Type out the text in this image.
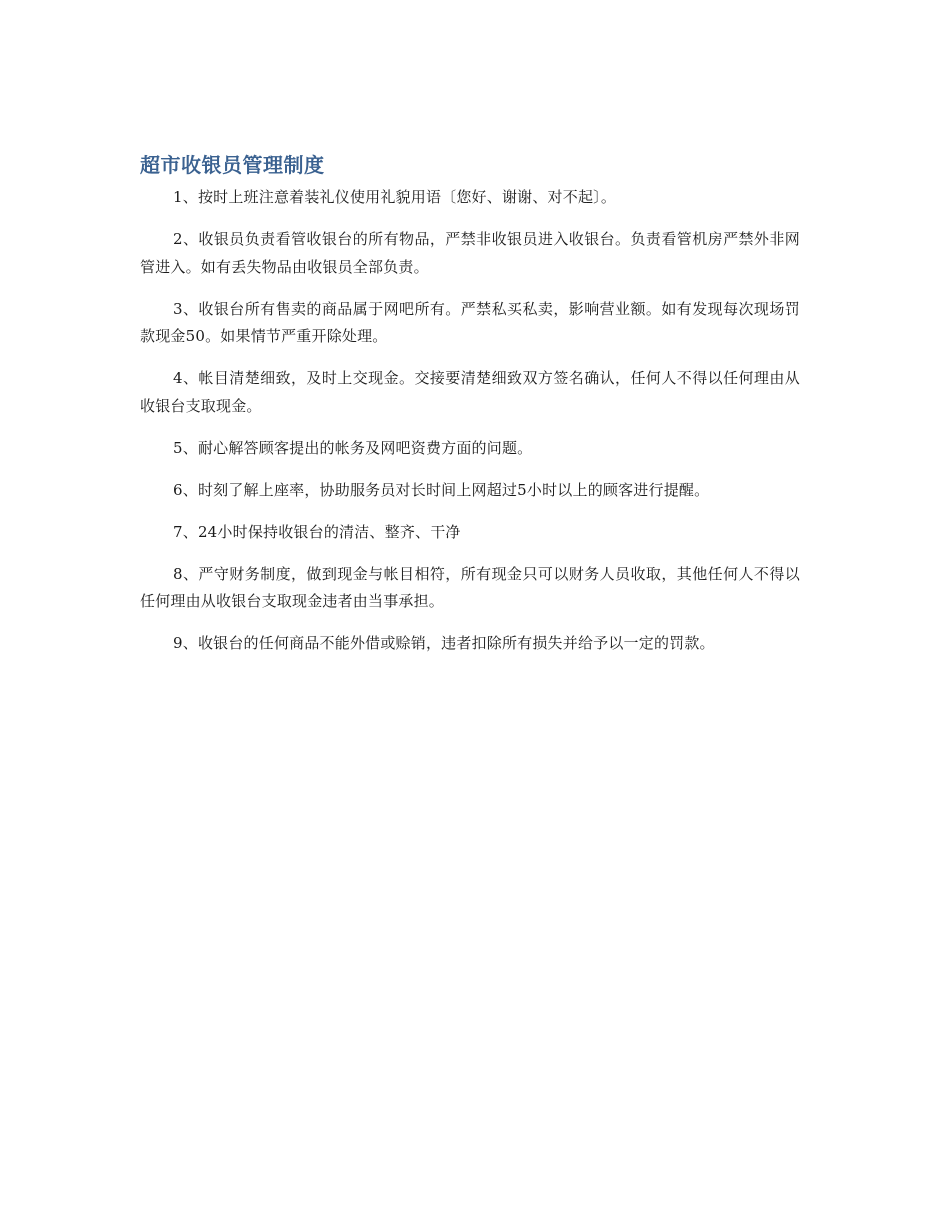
超市收银员管理制度
1、按时上班注意着装礼仪使用礼貌用语〔您好、谢谢、对不起〕。
2、收银员负责看管收银台的所有物品，严禁非收银员进入收银台。负责看管机房严禁外非网管进入。如有丢失物品由收银员全部负责。
3、收银台所有售卖的商品属于网吧所有。严禁私买私卖，影响营业额。如有发现每次现场罚款现金50。如果情节严重开除处理。
4、帐目清楚细致，及时上交现金。交接要清楚细致双方签名确认，任何人不得以任何理由从收银台支取现金。
5、耐心解答顾客提出的帐务及网吧资费方面的问题。
6、时刻了解上座率，协助服务员对长时间上网超过5小时以上的顾客进行提醒。
7、24小时保持收银台的清洁、整齐、干净
8、严守财务制度，做到现金与帐目相符，所有现金只可以财务人员收取，其他任何人不得以任何理由从收银台支取现金违者由当事承担。
9、收银台的任何商品不能外借或赊销，违者扣除所有损失并给予以一定的罚款。
